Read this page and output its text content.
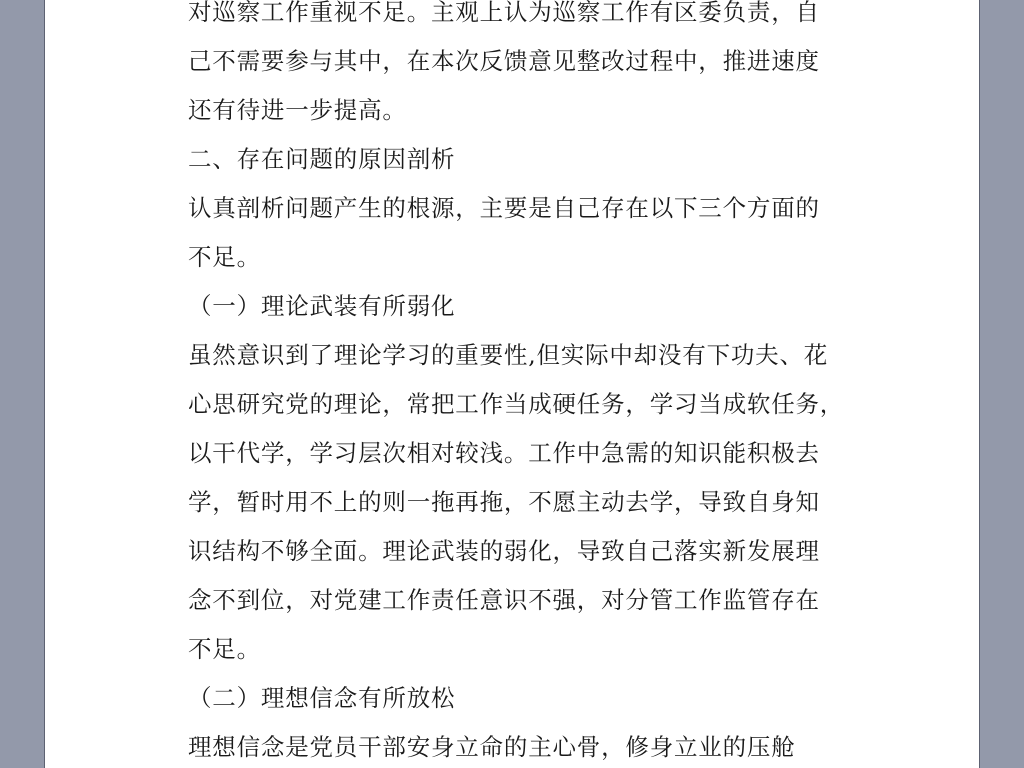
对巡察工作重视不足。主观上认为巡察工作有区委负责，自

己不需要参与其中，在本次反馈意见整改过程中，推进速度

还有待进一步提高。

二、存在问题的原因剖析

认真剖析问题产生的根源，主要是自己存在以下三个方面的

不足。

（一）理论武装有所弱化

虽然意识到了理论学习的重要性,但实际中却没有下功夫、花

心思研究党的理论，常把工作当成硬任务，学习当成软任务，

以干代学，学习层次相对较浅。工作中急需的知识能积极去

学，暂时用不上的则一拖再拖，不愿主动去学，导致自身知

识结构不够全面。理论武装的弱化，导致自己落实新发展理

念不到位，对党建工作责任意识不强，对分管工作监管存在

不足。

（二）理想信念有所放松

理想信念是党员干部安身立命的主心骨，修身立业的压舱
